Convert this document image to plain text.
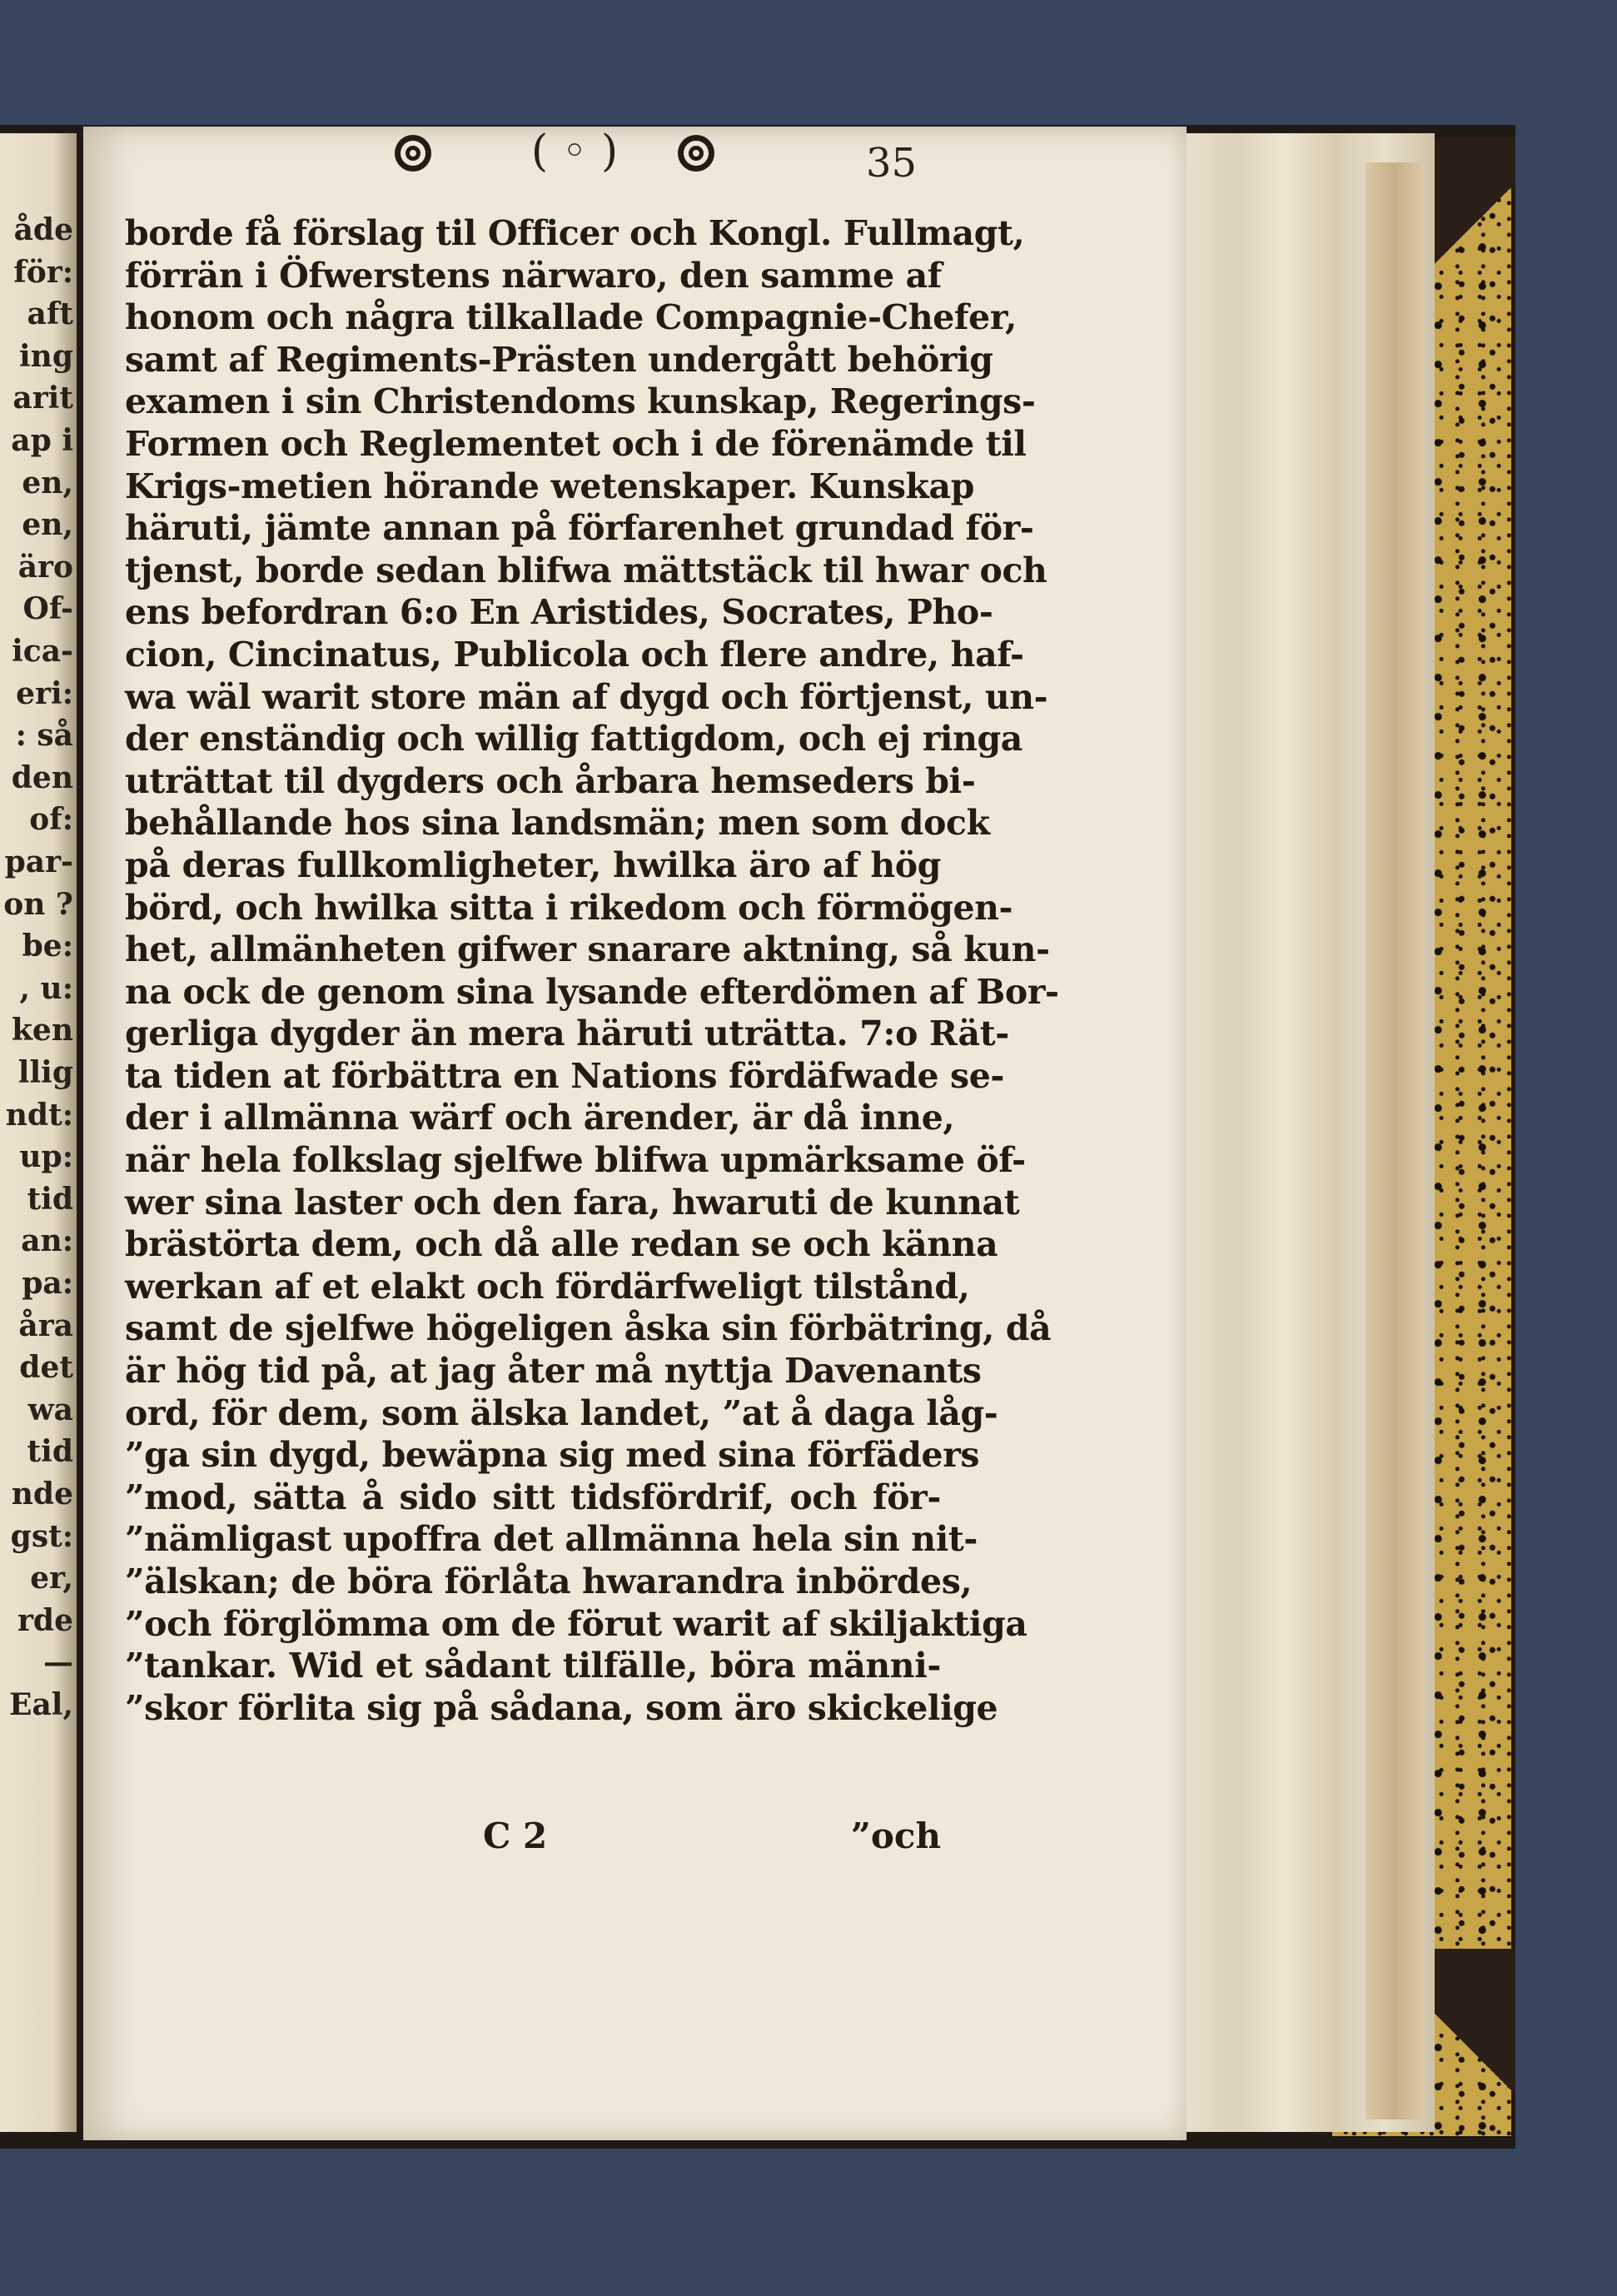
åde
för:
aft
ing
arit
ap i
en,
en,
äro
Of-
ica-
eri:
: så
den
of:
par-
on ?
be:
, u:
ken
llig
ndt:
up:
tid
an:
pa:
åra
det
wa
tid
nde
gst:
er,
rde
—
Eal,
( ◦ )	35
borde få förslag til Officer och Kongl. Fullmagt,
förrän i Öfwerstens närwaro, den samme af
honom och några tilkallade Compagnie-Chefer,
samt af Regiments-Prästen undergått behörig
examen i sin Christendoms kunskap, Regerings-
Formen och Reglementet och i de förenämde til
Krigs-metien hörande wetenskaper. Kunskap
häruti, jämte annan på förfarenhet grundad för-
tjenst, borde sedan blifwa mättstäck til hwar och
ens befordran 6:o En Aristides, Socrates, Pho-
cion, Cincinatus, Publicola och flere andre, haf-
wa wäl warit store män af dygd och förtjenst, un-
der enständig och willig fattigdom, och ej ringa
uträttat til dygders och årbara hemseders bi-
behållande hos sina landsmän; men som dock
på deras fullkomligheter, hwilka äro af hög
börd, och hwilka sitta i rikedom och förmögen-
het, allmänheten gifwer snarare aktning, så kun-
na ock de genom sina lysande efterdömen af Bor-
gerliga dygder än mera häruti uträtta. 7:o Rät-
ta tiden at förbättra en Nations fördäfwade se-
der i allmänna wärf och ärender, är då inne,
när hela folkslag sjelfwe blifwa upmärksame öf-
wer sina laster och den fara, hwaruti de kunnat
brästörta dem, och då alle redan se och känna
werkan af et elakt och fördärfweligt tilstånd,
samt de sjelfwe högeligen åska sin förbätring, då
är hög tid på, at jag åter må nyttja Davenants
ord, för dem, som älska landet, ”at å daga låg-
”ga sin dygd, bewäpna sig med sina förfäders
”mod, sätta å sido sitt tidsfördrif, och för-
”nämligast upoffra det allmänna hela sin nit-
”älskan; de böra förlåta hwarandra inbördes,
”och förglömma om de förut warit af skiljaktiga
”tankar. Wid et sådant tilfälle, böra männi-
”skor förlita sig på sådana, som äro skickelige
C 2	”och
